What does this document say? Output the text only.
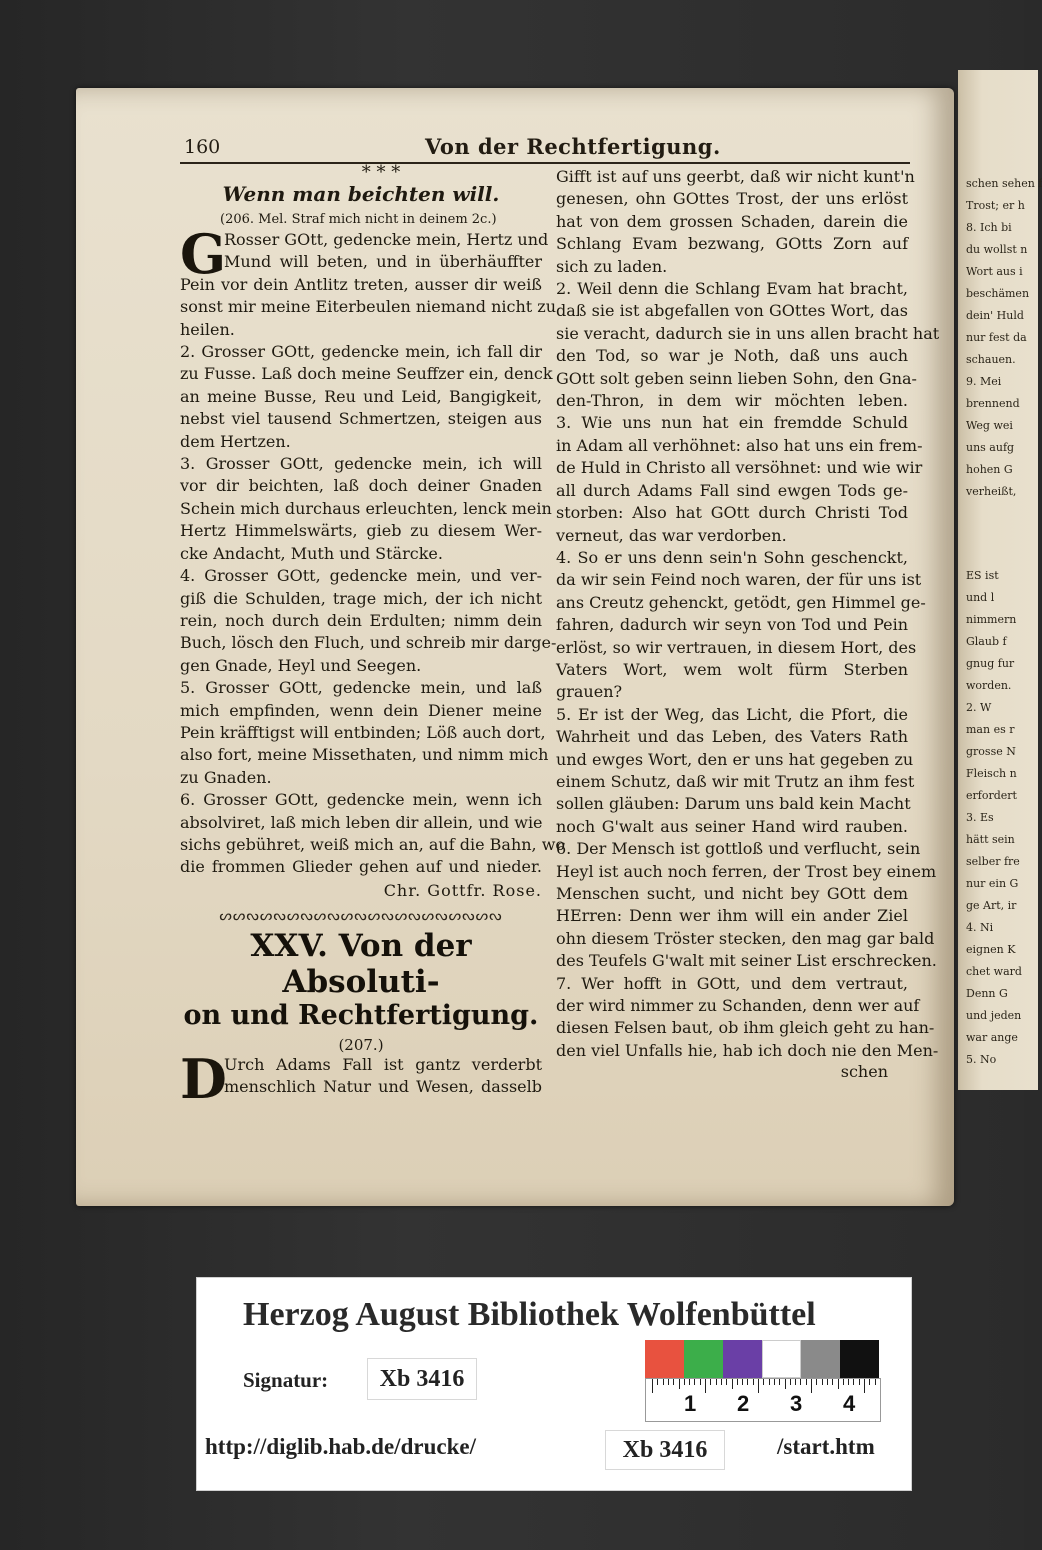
schen sehen f
Trost; er h
8. Ich bi
du wollst n
Wort aus i
beschämen
dein' Huld
nur fest da
schauen.
9. Mei
brennend
Weg wei
uns aufg
hohen G
verheißt,
ES ist
und l
nimmern
Glaub f
gnug fur
worden.
2. W
man es r
grosse N
Fleisch n
erfordert
3. Es
hätt sein
selber fre
nur ein G
ge Art, ir
4. Ni
eignen K
chet ward
Denn G
und jeden
war ange
5. No
160	Von der Rechtfertigung.
* * *
Wenn man beichten will.
(206. Mel. Straf mich nicht in deinem 2c.)
G
Rosser GOtt, gedencke mein, Hertz und
Mund will beten, und in überhäuffter
Pein vor dein Antlitz treten, ausser dir weiß
sonst mir meine Eiterbeulen niemand nicht zu
heilen.
2. Grosser GOtt, gedencke mein, ich fall dir
zu Fusse. Laß doch meine Seuffzer ein, denck
an meine Busse, Reu und Leid, Bangigkeit,
nebst viel tausend Schmertzen, steigen aus
dem Hertzen.
3. Grosser GOtt, gedencke mein, ich will
vor dir beichten, laß doch deiner Gnaden
Schein mich durchaus erleuchten, lenck mein
Hertz Himmelswärts, gieb zu diesem Wer-
cke Andacht, Muth und Stärcke.
4. Grosser GOtt, gedencke mein, und ver-
giß die Schulden, trage mich, der ich nicht
rein, noch durch dein Erdulten; nimm dein
Buch, lösch den Fluch, und schreib mir darge-
gen Gnade, Heyl und Seegen.
5. Grosser GOtt, gedencke mein, und laß
mich empfinden, wenn dein Diener meine
Pein kräfftigst will entbinden; Löß auch dort,
also fort, meine Missethaten, und nimm mich
zu Gnaden.
6. Grosser GOtt, gedencke mein, wenn ich
absolviret, laß mich leben dir allein, und wie
sichs gebühret, weiß mich an, auf die Bahn, wo
die frommen Glieder gehen auf und nieder.
Chr. Gottfr. Rose.
ᔕᔕᔓᔕᔓᔕᔓᔕᔓᔕᔓᔕᔓᔕᔓᔕᔓᔕᔓᔕᔓ
XXV. Von der Absoluti-
on und Rechtfertigung.
(207.)
D
Urch Adams Fall ist gantz verderbt
menschlich Natur und Wesen, dasselb
Gifft ist auf uns geerbt, daß wir nicht kunt'n
genesen, ohn GOttes Trost, der uns erlöst
hat von dem grossen Schaden, darein die
Schlang Evam bezwang, GOtts Zorn auf
sich zu laden.
2. Weil denn die Schlang Evam hat bracht,
daß sie ist abgefallen von GOttes Wort, das
sie veracht, dadurch sie in uns allen bracht hat
den Tod, so war je Noth, daß uns auch
GOtt solt geben seinn lieben Sohn, den Gna-
den-Thron, in dem wir möchten leben.
3. Wie uns nun hat ein fremdde Schuld
in Adam all verhöhnet: also hat uns ein frem-
de Huld in Christo all versöhnet: und wie wir
all durch Adams Fall sind ewgen Tods ge-
storben: Also hat GOtt durch Christi Tod
verneut, das war verdorben.
4. So er uns denn sein'n Sohn geschenckt,
da wir sein Feind noch waren, der für uns ist
ans Creutz gehenckt, getödt, gen Himmel ge-
fahren, dadurch wir seyn von Tod und Pein
erlöst, so wir vertrauen, in diesem Hort, des
Vaters Wort, wem wolt fürm Sterben
grauen?
5. Er ist der Weg, das Licht, die Pfort, die
Wahrheit und das Leben, des Vaters Rath
und ewges Wort, den er uns hat gegeben zu
einem Schutz, daß wir mit Trutz an ihm fest
sollen gläuben: Darum uns bald kein Macht
noch G'walt aus seiner Hand wird rauben.
6. Der Mensch ist gottloß und verflucht, sein
Heyl ist auch noch ferren, der Trost bey einem
Menschen sucht, und nicht bey GOtt dem
HErren: Denn wer ihm will ein ander Ziel
ohn diesem Tröster stecken, den mag gar bald
des Teufels G'walt mit seiner List erschrecken.
7. Wer hofft in GOtt, und dem vertraut,
der wird nimmer zu Schanden, denn wer auf
diesen Felsen baut, ob ihm gleich geht zu han-
den viel Unfalls hie, hab ich doch nie den Men-
schen
Herzog August Bibliothek Wolfenbüttel
Signatur:	Xb 3416
1 2 3 4
http://diglib.hab.de/drucke/	Xb 3416	/start.htm
